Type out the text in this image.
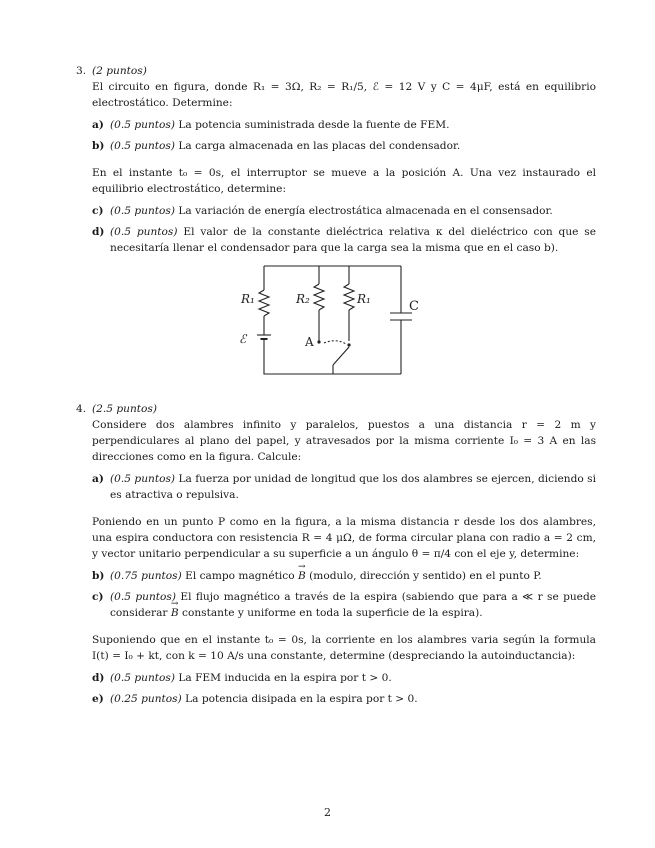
3. (2 puntos)
El circuito en figura, donde R₁ = 3Ω, R₂ = R₁/5, ℰ = 12 V y C = 4μF, está en equilibrio electrostático. Determine:
a) (0.5 puntos) La potencia suministrada desde la fuente de FEM.
b) (0.5 puntos) La carga almacenada en las placas del condensador.
En el instante t₀ = 0s, el interruptor se mueve a la posición A. Una vez instaurado el equilibrio electrostático, determine:
c) (0.5 puntos) La variación de energía electrostática almacenada en el consensador.
d) (0.5 puntos) El valor de la constante dieléctrica relativa κ del dieléctrico con que se necesitaría llenar el condensador para que la carga sea la misma que en el caso b).
R₁	R₂	R₁	C
ℰ	A
4. (2.5 puntos)
Considere dos alambres infinito y paralelos, puestos a una distancia r = 2 m y perpendiculares al plano del papel, y atravesados por la misma corriente I₀ = 3 A en las direcciones como en la figura. Calcule:
a) (0.5 puntos) La fuerza por unidad de longitud que los dos alambres se ejercen, diciendo si es atractiva o repulsiva.
Poniendo en un punto P como en la figura, a la misma distancia r desde los dos alambres, una espira conductora con resistencia R = 4 μΩ, de forma circular plana con radio a = 2 cm, y vector unitario perpendicular a su superficie a un ángulo θ = π/4 con el eje y, determine:
b) (0.75 puntos) El campo magnético → B (modulo, dirección y sentido) en el punto P.
c) (0.5 puntos) El flujo magnético a través de la espira (sabiendo que para a ≪ r se puede considerar → B constante y uniforme en toda la superficie de la espira).
Suponiendo que en el instante t₀ = 0s, la corriente en los alambres varia según la formula I(t) = I₀ + kt, con k = 10 A/s una constante, determine (despreciando la autoinductancia):
d) (0.5 puntos) La FEM inducida en la espira por t > 0.
e) (0.25 puntos) La potencia disipada en la espira por t > 0.
2
